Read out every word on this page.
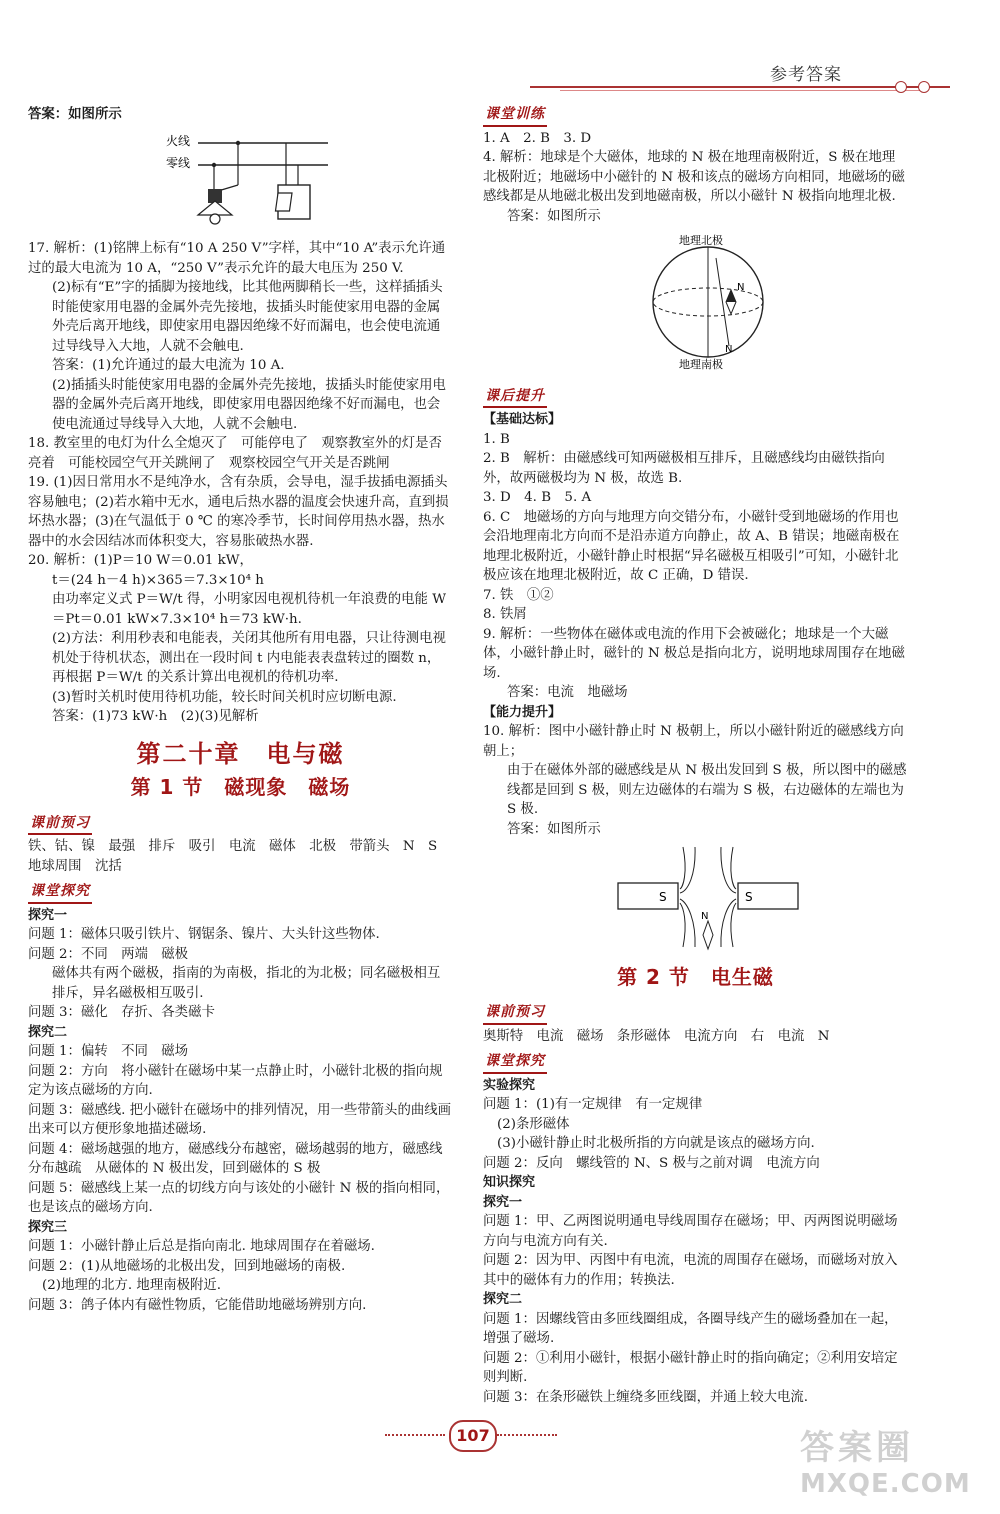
参考答案

答案：如图所示

火线
零线

17. 解析：(1)铭牌上标有“10 A 250 V”字样，其中“10 A”表示允许通过的最大电流为 10 A，“250 V”表示允许的最大电压为 250 V.

(2)标有“E”字的插脚为接地线，比其他两脚稍长一些，这样插插头时能使家用电器的金属外壳先接地，拔插头时能使家用电器的金属外壳后离开地线，即使家用电器因绝缘不好而漏电，也会使电流通过导线导入大地，人就不会触电.

答案：(1)允许通过的最大电流为 10 A.

(2)插插头时能使家用电器的金属外壳先接地，拔插头时能使家用电器的金属外壳后离开地线，即使家用电器因绝缘不好而漏电，也会使电流通过导线导入大地，人就不会触电.

18. 教室里的电灯为什么全熄灭了　可能停电了　观察教室外的灯是否亮着　可能校园空气开关跳闸了　观察校园空气开关是否跳闸

19. (1)因日常用水不是纯净水，含有杂质，会导电，湿手拔插电源插头容易触电；(2)若水箱中无水，通电后热水器的温度会快速升高，直到损坏热水器；(3)在气温低于 0 ℃ 的寒冷季节，长时间停用热水器，热水器中的水会因结冰而体积变大，容易胀破热水器.

20. 解析：(1)P＝10 W＝0.01 kW，

t＝(24 h－4 h)×365＝7.3×10⁴ h

由功率定义式 P＝W/t 得，小明家因电视机待机一年浪费的电能 W＝Pt＝0.01 kW×7.3×10⁴ h＝73 kW·h.

(2)方法：利用秒表和电能表，关闭其他所有用电器，只让待测电视机处于待机状态，测出在一段时间 t 内电能表表盘转过的圈数 n，再根据 P＝W/t 的关系计算出电视机的待机功率.

(3)暂时关机时使用待机功能，较长时间关机时应切断电源.

答案：(1)73 kW·h　(2)(3)见解析

第二十章　电与磁
第 1 节　磁现象　磁场
课前预习

铁、钴、镍　最强　排斥　吸引　电流　磁体　北极　带箭头　N　S　地球周围　沈括

课堂探究

探究一

问题 1：磁体只吸引铁片、钢锯条、镍片、大头针这些物体.

问题 2：不同　两端　磁极

磁体共有两个磁极，指南的为南极，指北的为北极；同名磁极相互排斥，异名磁极相互吸引.

问题 3：磁化　存折、各类磁卡

探究二

问题 1：偏转　不同　磁场

问题 2：方向　将小磁针在磁场中某一点静止时，小磁针北极的指向规定为该点磁场的方向.

问题 3：磁感线. 把小磁针在磁场中的排列情况，用一些带箭头的曲线画出来可以方便形象地描述磁场.

问题 4：磁场越强的地方，磁感线分布越密，磁场越弱的地方，磁感线分布越疏　从磁体的 N 极出发，回到磁体的 S 极

问题 5：磁感线上某一点的切线方向与该处的小磁针 N 极的指向相同，也是该点的磁场方向.

探究三

问题 1：小磁针静止后总是指向南北. 地球周围存在着磁场.

问题 2：(1)从地磁场的北极出发，回到地磁场的南极.

(2)地理的北方. 地理南极附近.

问题 3：鸽子体内有磁性物质，它能借助地磁场辨别方向.

课堂训练

1. A　2. B　3. D

4. 解析：地球是个大磁体，地球的 N 极在地理南极附近，S 极在地理北极附近；地磁场中小磁针的 N 极和该点的磁场方向相同，地磁场的磁感线都是从地磁北极出发到地磁南极，所以小磁针 N 极指向地理北极.

答案：如图所示

地理北极
N
N
地理南极
课后提升

【基础达标】

1. B

2. B　解析：由磁感线可知两磁极相互排斥，且磁感线均由磁铁指向外，故两磁极均为 N 极，故选 B.

3. D　4. B　5. A

6. C　地磁场的方向与地理方向交错分布，小磁针受到地磁场的作用也会沿地理南北方向而不是沿赤道方向静止，故 A、B 错误；地磁南极在地理北极附近，小磁针静止时根据“异名磁极互相吸引”可知，小磁针北极应该在地理北极附近，故 C 正确，D 错误.

7. 铁　①②

8. 铁屑

9. 解析：一些物体在磁体或电流的作用下会被磁化；地球是一个大磁体，小磁针静止时，磁针的 N 极总是指向北方，说明地球周围存在地磁场.

答案：电流　地磁场

【能力提升】

10. 解析：图中小磁针静止时 N 极朝上，所以小磁针附近的磁感线方向朝上；

由于在磁体外部的磁感线是从 N 极出发回到 S 极，所以图中的磁感线都是回到 S 极，则左边磁体的右端为 S 极，右边磁体的左端也为 S 极.

答案：如图所示

S	S
N
第 2 节　电生磁
课前预习

奥斯特　电流　磁场　条形磁体　电流方向　右　电流　N

课堂探究

实验探究

问题 1：(1)有一定规律　有一定规律

(2)条形磁体

(3)小磁针静止时北极所指的方向就是该点的磁场方向.

问题 2：反向　螺线管的 N、S 极与之前对调　电流方向

知识探究

探究一

问题 1：甲、乙两图说明通电导线周围存在磁场；甲、丙两图说明磁场方向与电流方向有关.

问题 2：因为甲、丙图中有电流，电流的周围存在磁场，而磁场对放入其中的磁体有力的作用；转换法.

探究二

问题 1：因螺线管由多匝线圈组成，各圈导线产生的磁场叠加在一起，增强了磁场.

问题 2：①利用小磁针，根据小磁针静止时的指向确定；②利用安培定则判断.

问题 3：在条形磁铁上缠绕多匝线圈，并通上较大电流.

107	答案圈
MXQE.COM
